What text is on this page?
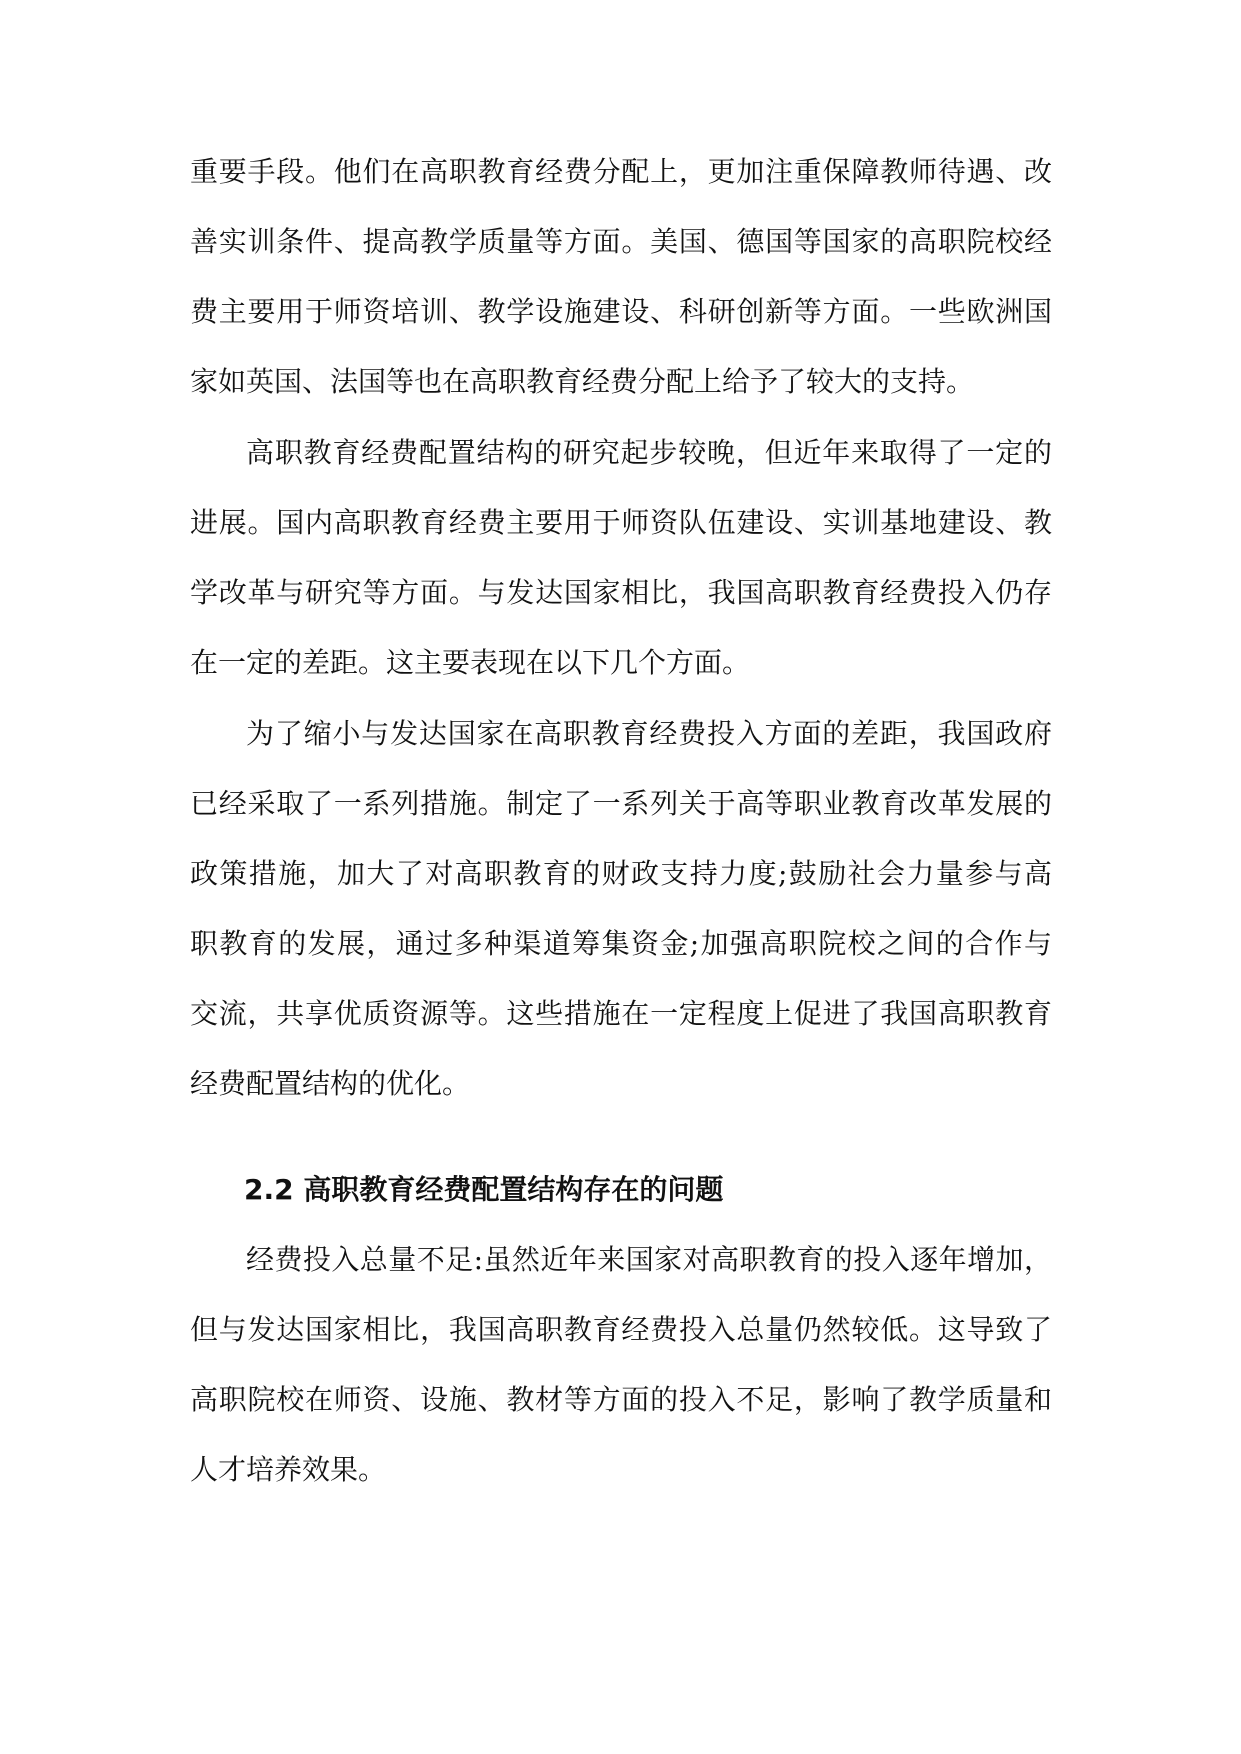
重要手段。他们在高职教育经费分配上，更加注重保障教师待遇、改
善实训条件、提高教学质量等方面。美国、德国等国家的高职院校经
费主要用于师资培训、教学设施建设、科研创新等方面。一些欧洲国
家如英国、法国等也在高职教育经费分配上给予了较大的支持。
高职教育经费配置结构的研究起步较晚，但近年来取得了一定的
进展。国内高职教育经费主要用于师资队伍建设、实训基地建设、教
学改革与研究等方面。与发达国家相比，我国高职教育经费投入仍存
在一定的差距。这主要表现在以下几个方面。
为了缩小与发达国家在高职教育经费投入方面的差距，我国政府
已经采取了一系列措施。制定了一系列关于高等职业教育改革发展的
政策措施，加大了对高职教育的财政支持力度;鼓励社会力量参与高
职教育的发展，通过多种渠道筹集资金;加强高职院校之间的合作与
交流，共享优质资源等。这些措施在一定程度上促进了我国高职教育
经费配置结构的优化。
2.2 高职教育经费配置结构存在的问题
经费投入总量不足:虽然近年来国家对高职教育的投入逐年增加，
但与发达国家相比，我国高职教育经费投入总量仍然较低。这导致了
高职院校在师资、设施、教材等方面的投入不足，影响了教学质量和
人才培养效果。
